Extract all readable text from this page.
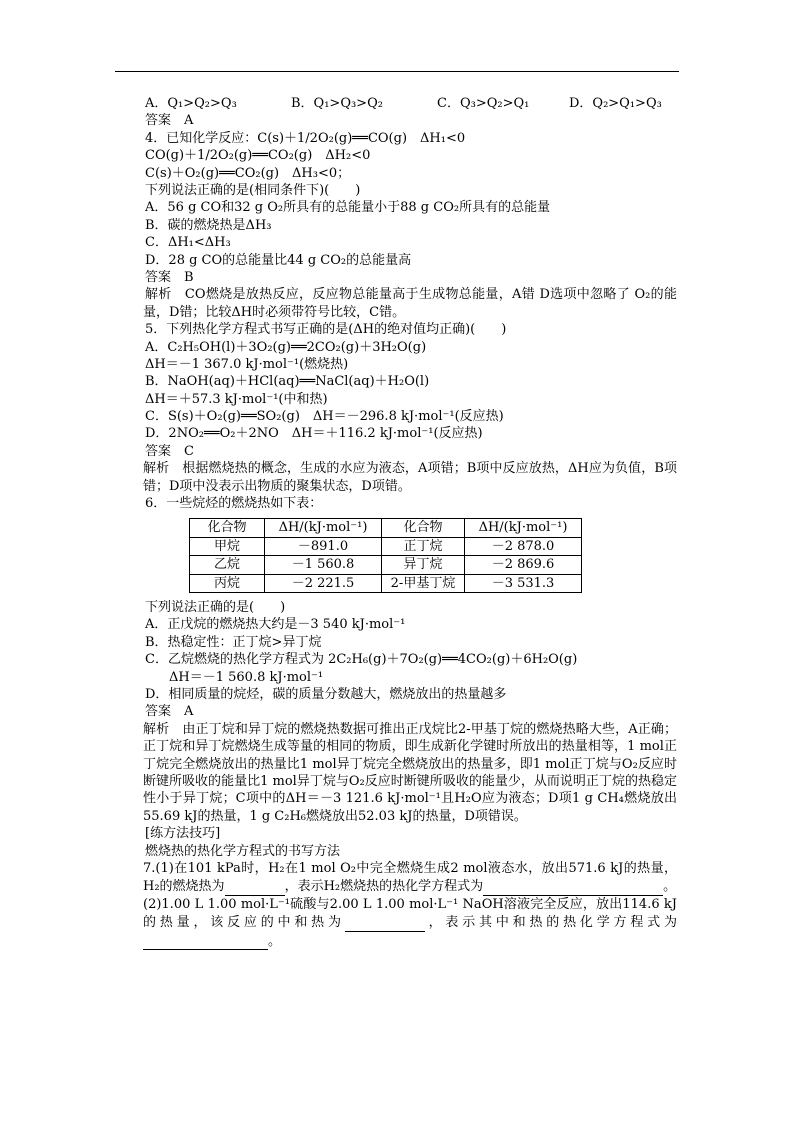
A．Q₁>Q₂>Q₃	B．Q₁>Q₃>Q₂	C．Q₃>Q₂>Q₁	D．Q₂>Q₁>Q₃
答案　A
4．已知化学反应：C(s)＋1/2O₂(g)══CO(g)　ΔH₁<0
CO(g)＋1/2O₂(g)══CO₂(g)　ΔH₂<0
C(s)＋O₂(g)══CO₂(g)　ΔH₃<0；
下列说法正确的是(相同条件下)(　　)
A．56 g CO和32 g O₂所具有的总能量小于88 g CO₂所具有的总能量
B．碳的燃烧热是ΔH₃
C．ΔH₁<ΔH₃
D．28 g CO的总能量比44 g CO₂的总能量高
答案　B
解析　CO燃烧是放热反应，反应物总能量高于生成物总能量，A错 D选项中忽略了 O₂的能量，D错；比较ΔH时必须带符号比较，C错。
5．下列热化学方程式书写正确的是(ΔH的绝对值均正确)(　　)
A．C₂H₅OH(l)＋3O₂(g)══2CO₂(g)＋3H₂O(g)
ΔH＝－1 367.0 kJ·mol⁻¹(燃烧热)
B．NaOH(aq)＋HCl(aq)══NaCl(aq)＋H₂O(l)
ΔH＝＋57.3 kJ·mol⁻¹(中和热)
C．S(s)＋O₂(g)══SO₂(g)　ΔH＝－296.8 kJ·mol⁻¹(反应热)
D．2NO₂══O₂＋2NO　ΔH＝＋116.2 kJ·mol⁻¹(反应热)
答案　C
解析　根据燃烧热的概念，生成的水应为液态，A项错；B项中反应放热，ΔH应为负值，B项错；D项中没表示出物质的聚集状态，D项错。
6．一些烷烃的燃烧热如下表：
化合物	ΔH/(kJ·mol⁻¹)	化合物	ΔH/(kJ·mol⁻¹)
甲烷	－891.0	正丁烷	－2 878.0
乙烷	－1 560.8	异丁烷	－2 869.6
丙烷	－2 221.5	2-甲基丁烷	－3 531.3
下列说法正确的是(　　)
A．正戊烷的燃烧热大约是－3 540 kJ·mol⁻¹
B．热稳定性：正丁烷>异丁烷
C．乙烷燃烧的热化学方程式为 2C₂H₆(g)＋7O₂(g)══4CO₂(g)＋6H₂O(g)
ΔH＝－1 560.8 kJ·mol⁻¹
D．相同质量的烷烃，碳的质量分数越大，燃烧放出的热量越多
答案　A
解析　由正丁烷和异丁烷的燃烧热数据可推出正戊烷比2-甲基丁烷的燃烧热略大些，A正确；正丁烷和异丁烷燃烧生成等量的相同的物质，即生成新化学键时所放出的热量相等，1 mol正丁烷完全燃烧放出的热量比1 mol异丁烷完全燃烧放出的热量多，即1 mol正丁烷与O₂反应时断键所吸收的能量比1 mol异丁烷与O₂反应时断键所吸收的能量少，从而说明正丁烷的热稳定性小于异丁烷；C项中的ΔH＝－3 121.6 kJ·mol⁻¹且H₂O应为液态；D项1 g CH₄燃烧放出55.69 kJ的热量，1 g C₂H₆燃烧放出52.03 kJ的热量，D项错误。
[练方法技巧]
燃烧热的热化学方程式的书写方法
7.(1)在101 kPa时，H₂在1 mol O₂中完全燃烧生成2 mol液态水，放出571.6 kJ的热量，H₂的燃烧热为	，表示H₂燃烧热的热化学方程式为	。
(2)1.00 L 1.00 mol·L⁻¹硫酸与2.00 L 1.00 mol·L⁻¹ NaOH溶液完全反应，放出114.6 kJ的热量，该反应的中和热为	，表示其中和热的热化学方程式为 。
